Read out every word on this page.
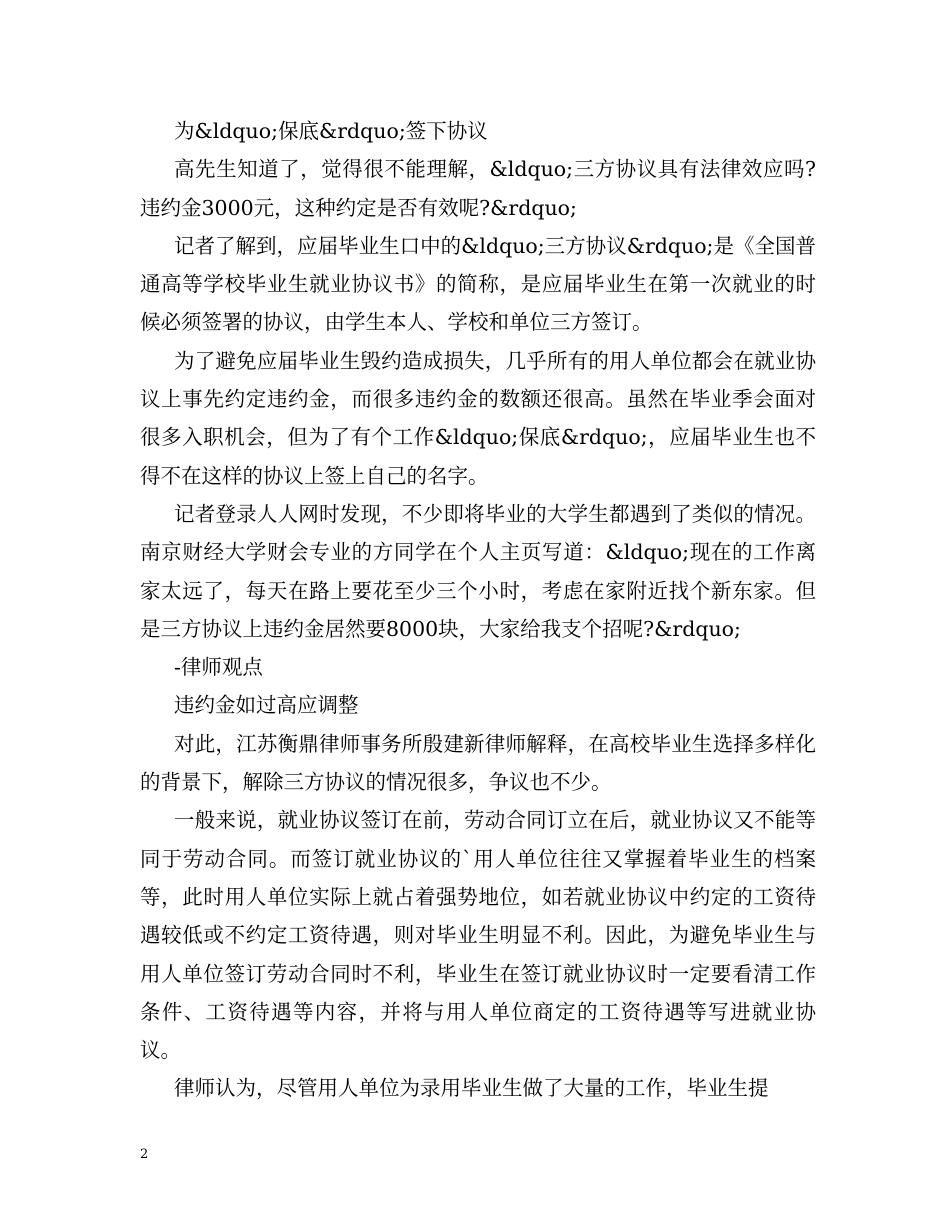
为&ldquo;保底&rdquo;签下协议

高先生知道了，觉得很不能理解，&ldquo;三方协议具有法律效应吗?违约金3000元，这种约定是否有效呢?&rdquo;

记者了解到，应届毕业生口中的&ldquo;三方协议&rdquo;是《全国普通高等学校毕业生就业协议书》的简称，是应届毕业生在第一次就业的时候必须签署的协议，由学生本人、学校和单位三方签订。

为了避免应届毕业生毁约造成损失，几乎所有的用人单位都会在就业协议上事先约定违约金，而很多违约金的数额还很高。虽然在毕业季会面对很多入职机会，但为了有个工作&ldquo;保底&rdquo;，应届毕业生也不得不在这样的协议上签上自己的名字。

记者登录人人网时发现，不少即将毕业的大学生都遇到了类似的情况。南京财经大学财会专业的方同学在个人主页写道：&ldquo;现在的工作离家太远了，每天在路上要花至少三个小时，考虑在家附近找个新东家。但是三方协议上违约金居然要8000块，大家给我支个招呢?&rdquo;

-律师观点

违约金如过高应调整

对此，江苏衡鼎律师事务所殷建新律师解释，在高校毕业生选择多样化的背景下，解除三方协议的情况很多，争议也不少。

一般来说，就业协议签订在前，劳动合同订立在后，就业协议又不能等同于劳动合同。而签订就业协议的`用人单位往往又掌握着毕业生的档案等，此时用人单位实际上就占着强势地位，如若就业协议中约定的工资待遇较低或不约定工资待遇，则对毕业生明显不利。因此，为避免毕业生与用人单位签订劳动合同时不利，毕业生在签订就业协议时一定要看清工作条件、工资待遇等内容，并将与用人单位商定的工资待遇等写进就业协议。

律师认为，尽管用人单位为录用毕业生做了大量的工作，毕业生提

2
